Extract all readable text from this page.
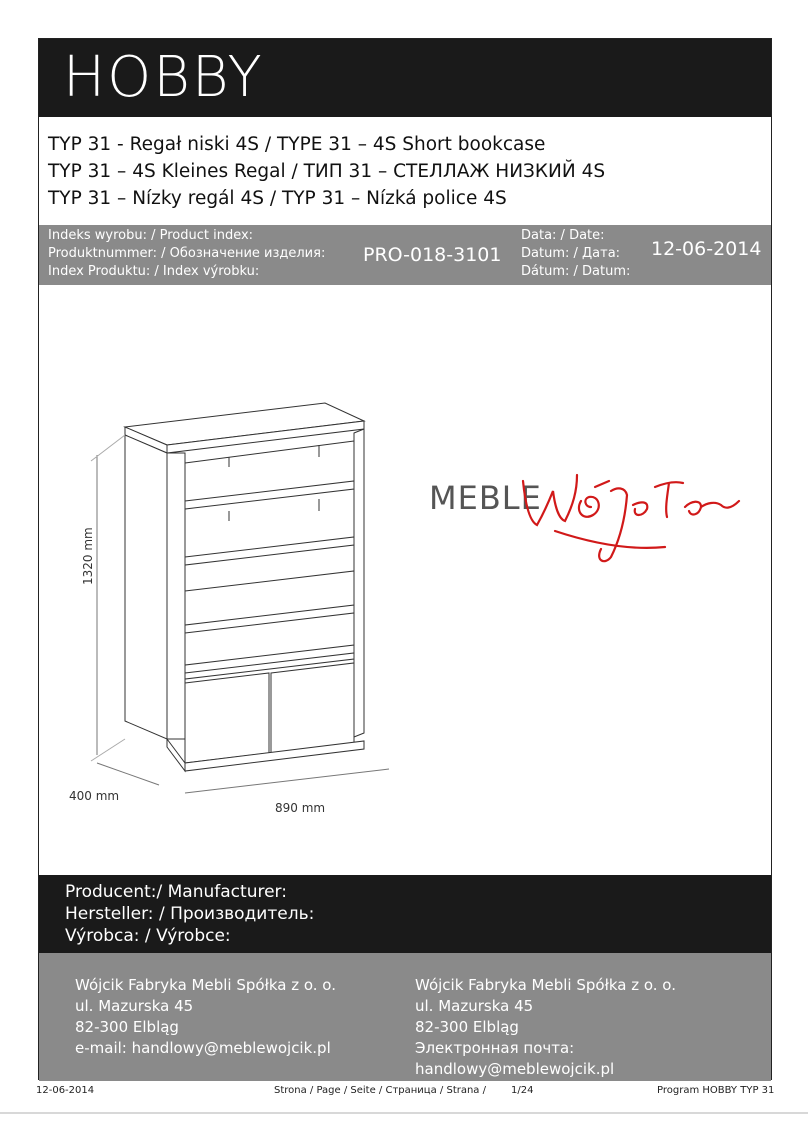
HOBBY
TYP 31 - Regał niski 4S / TYPE 31 – 4S Short bookcase
TYP 31 – 4S Kleines Regal / ТИП 31 – СТЕЛЛАЖ НИЗКИЙ 4S
TYP 31 – Nízky regál 4S / TYP 31 – Nízká police 4S
Indeks wyrobu: / Product index:
Produktnummer: / Обозначение изделия:
Index Produktu: / Index výrobku:
PRO-018-3101
Data: / Date:
Datum: / Дата:
Dátum: / Datum:
12-06-2014
1320 mm
400 mm
890 mm
MEBLE
Producent:/ Manufacturer:
Hersteller: / Производитель:
Výrobca: / Výrobce:
Wójcik Fabryka Mebli Spółka z o. o.
ul. Mazurska 45
82-300 Elbląg
e-mail: handlowy@meblewojcik.pl
Wójcik Fabryka Mebli Spółka z o. o.
ul. Mazurska 45
82-300 Elbląg
Электронная почта:
handlowy@meblewojcik.pl
12-06-2014	Strona / Page / Seite / Страница / Strana /	1/24	Program HOBBY TYP 31
